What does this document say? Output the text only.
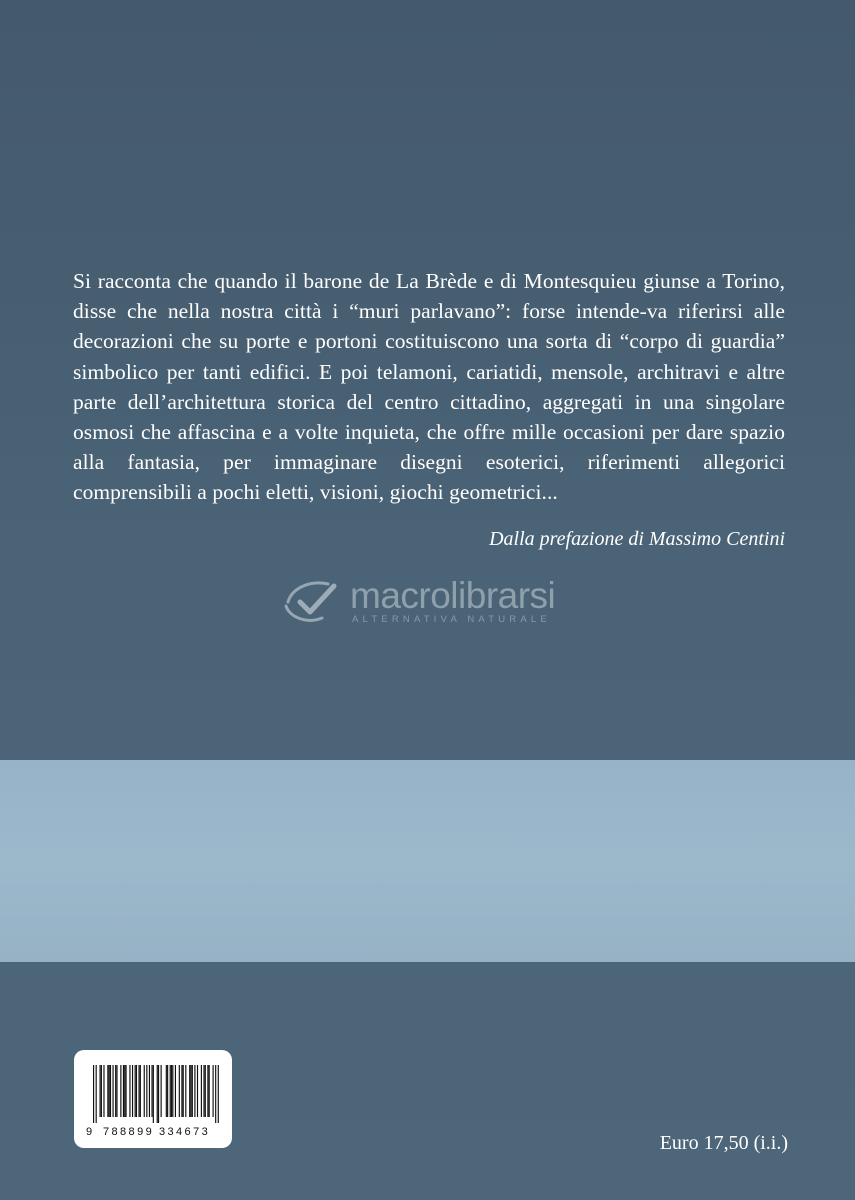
Si racconta che quando il barone de La Brède e di Montesquieu giunse a Torino, disse che nella nostra città i “muri parlavano”: forse intende-va riferirsi alle decorazioni che su porte e portoni costituiscono una sorta di “corpo di guardia” simbolico per tanti edifici. E poi telamoni, cariatidi, mensole, architravi e altre parte dell’architettura storica del centro cittadino, aggregati in una singolare osmosi che affascina e a volte inquieta, che offre mille occasioni per dare spazio alla fantasia, per immaginare disegni esoterici, riferimenti allegorici comprensibili a pochi eletti, visioni, giochi geometrici...

Dalla prefazione di Massimo Centini
macrolibrarsi
ALTERNATIVA NATURALE
9 788899 334673	Euro 17,50 (i.i.)
